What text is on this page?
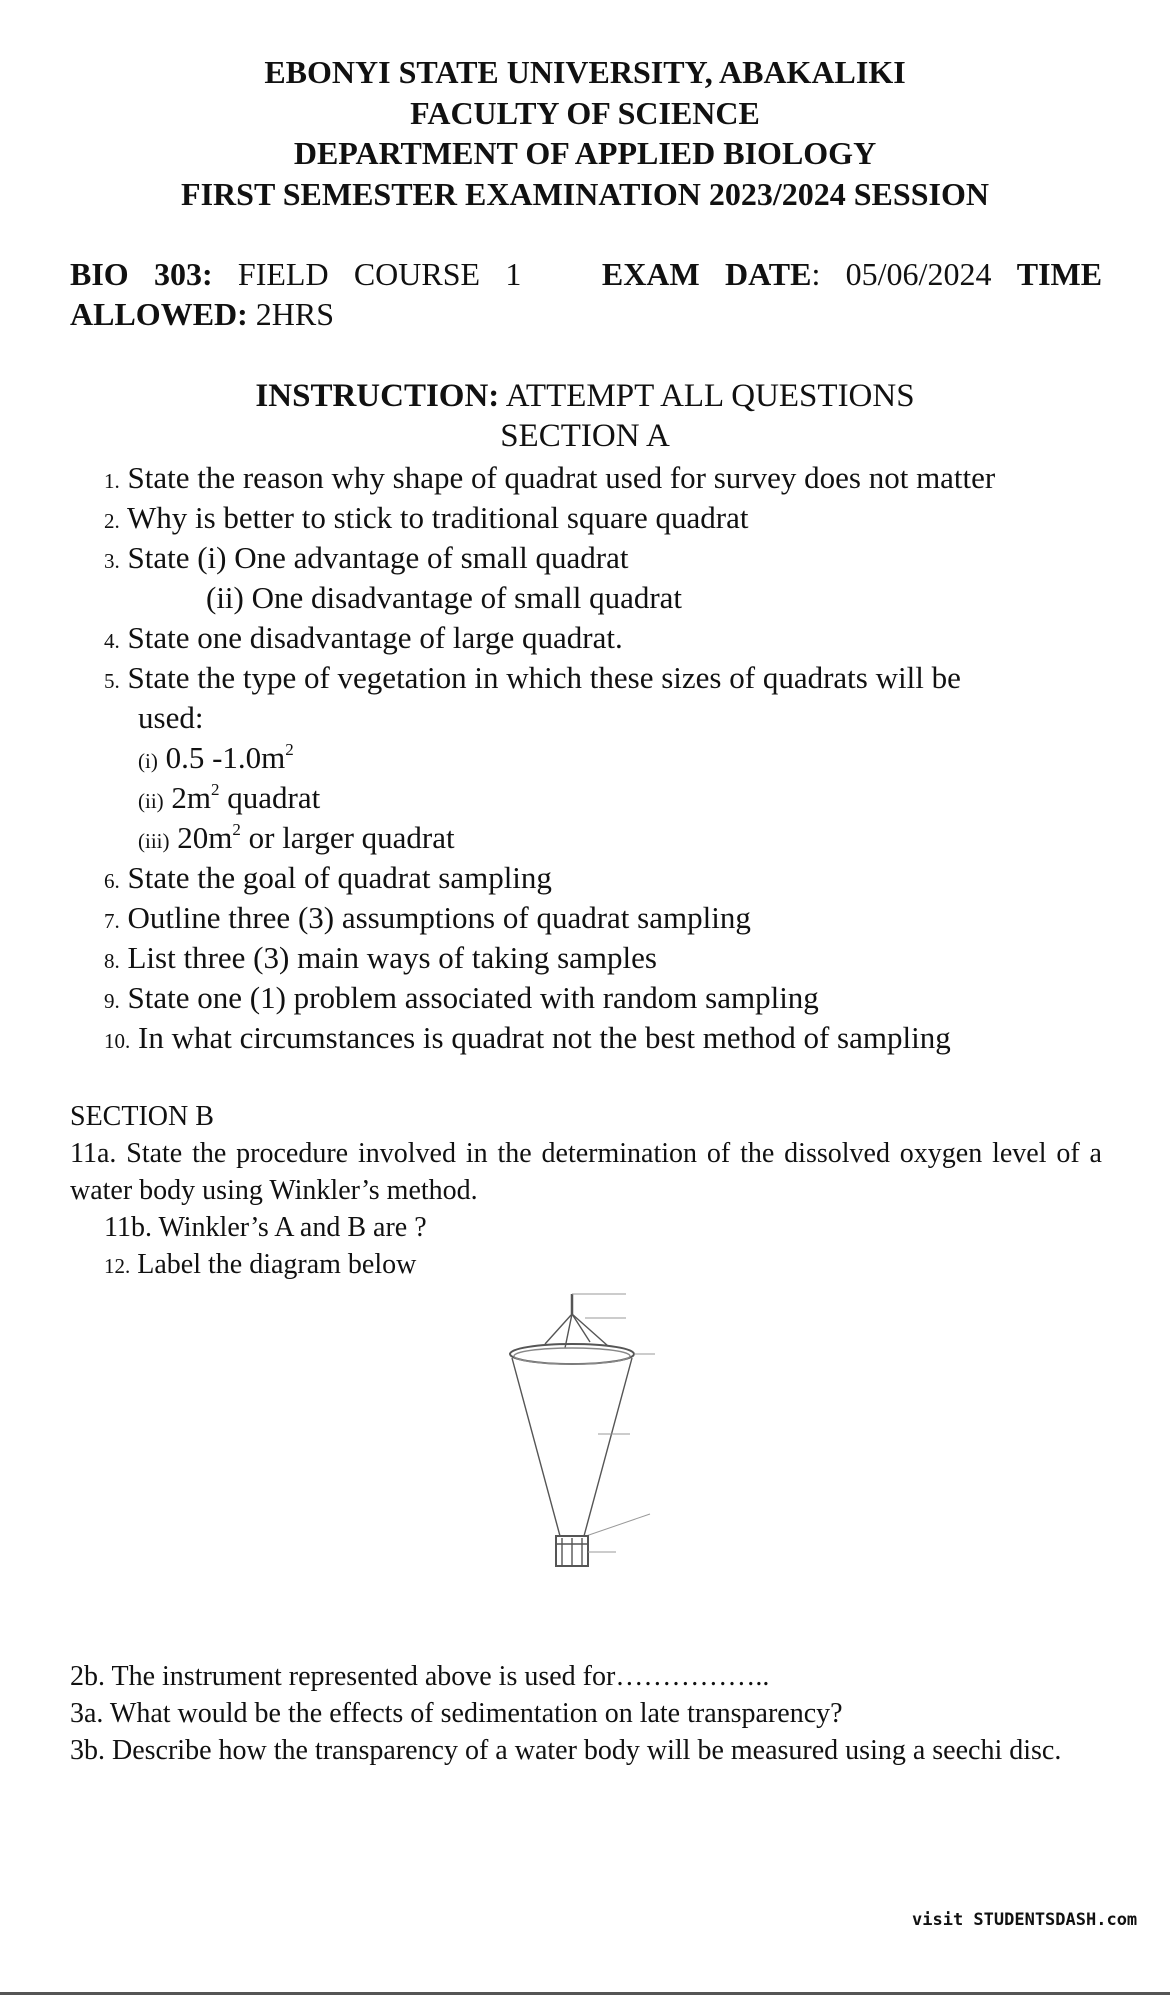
EBONYI STATE UNIVERSITY, ABAKALIKI
FACULTY OF SCIENCE
DEPARTMENT OF APPLIED BIOLOGY
FIRST SEMESTER EXAMINATION 2023/2024 SESSION
BIO 303: FIELD COURSE 1	EXAM DATE: 05/06/2024 TIME
ALLOWED: 2HRS
INSTRUCTION: ATTEMPT ALL QUESTIONS
SECTION A
1. State the reason why shape of quadrat used for survey does not matter
2. Why is better to stick to traditional square quadrat
3. State (i) One advantage of small quadrat
(ii) One disadvantage of small quadrat
4. State one disadvantage of large quadrat.
5. State the type of vegetation in which these sizes of quadrats will be
used:
(i) 0.5 $-1.0m^2$
(ii) $2m^2$ quadrat
(iii) $20m^2$ or larger quadrat
6. State the goal of quadrat sampling
7. Outline three (3) assumptions of quadrat sampling
8. List three (3) main ways of taking samples
9. State one (1) problem associated with random sampling
10. In what circumstances is quadrat not the best method of sampling
SECTION B
11a. State the procedure involved in the determination of the dissolved oxygen level of a water body using Winkler’s method.
11b. Winkler’s A and B are ?
12. Label the diagram below
2b. The instrument represented above is used for……………..
3a. What would be the effects of sedimentation on late transparency?
3b. Describe how the transparency of a water body will be measured using a seechi disc.
visit STUDENTSDASH.com
